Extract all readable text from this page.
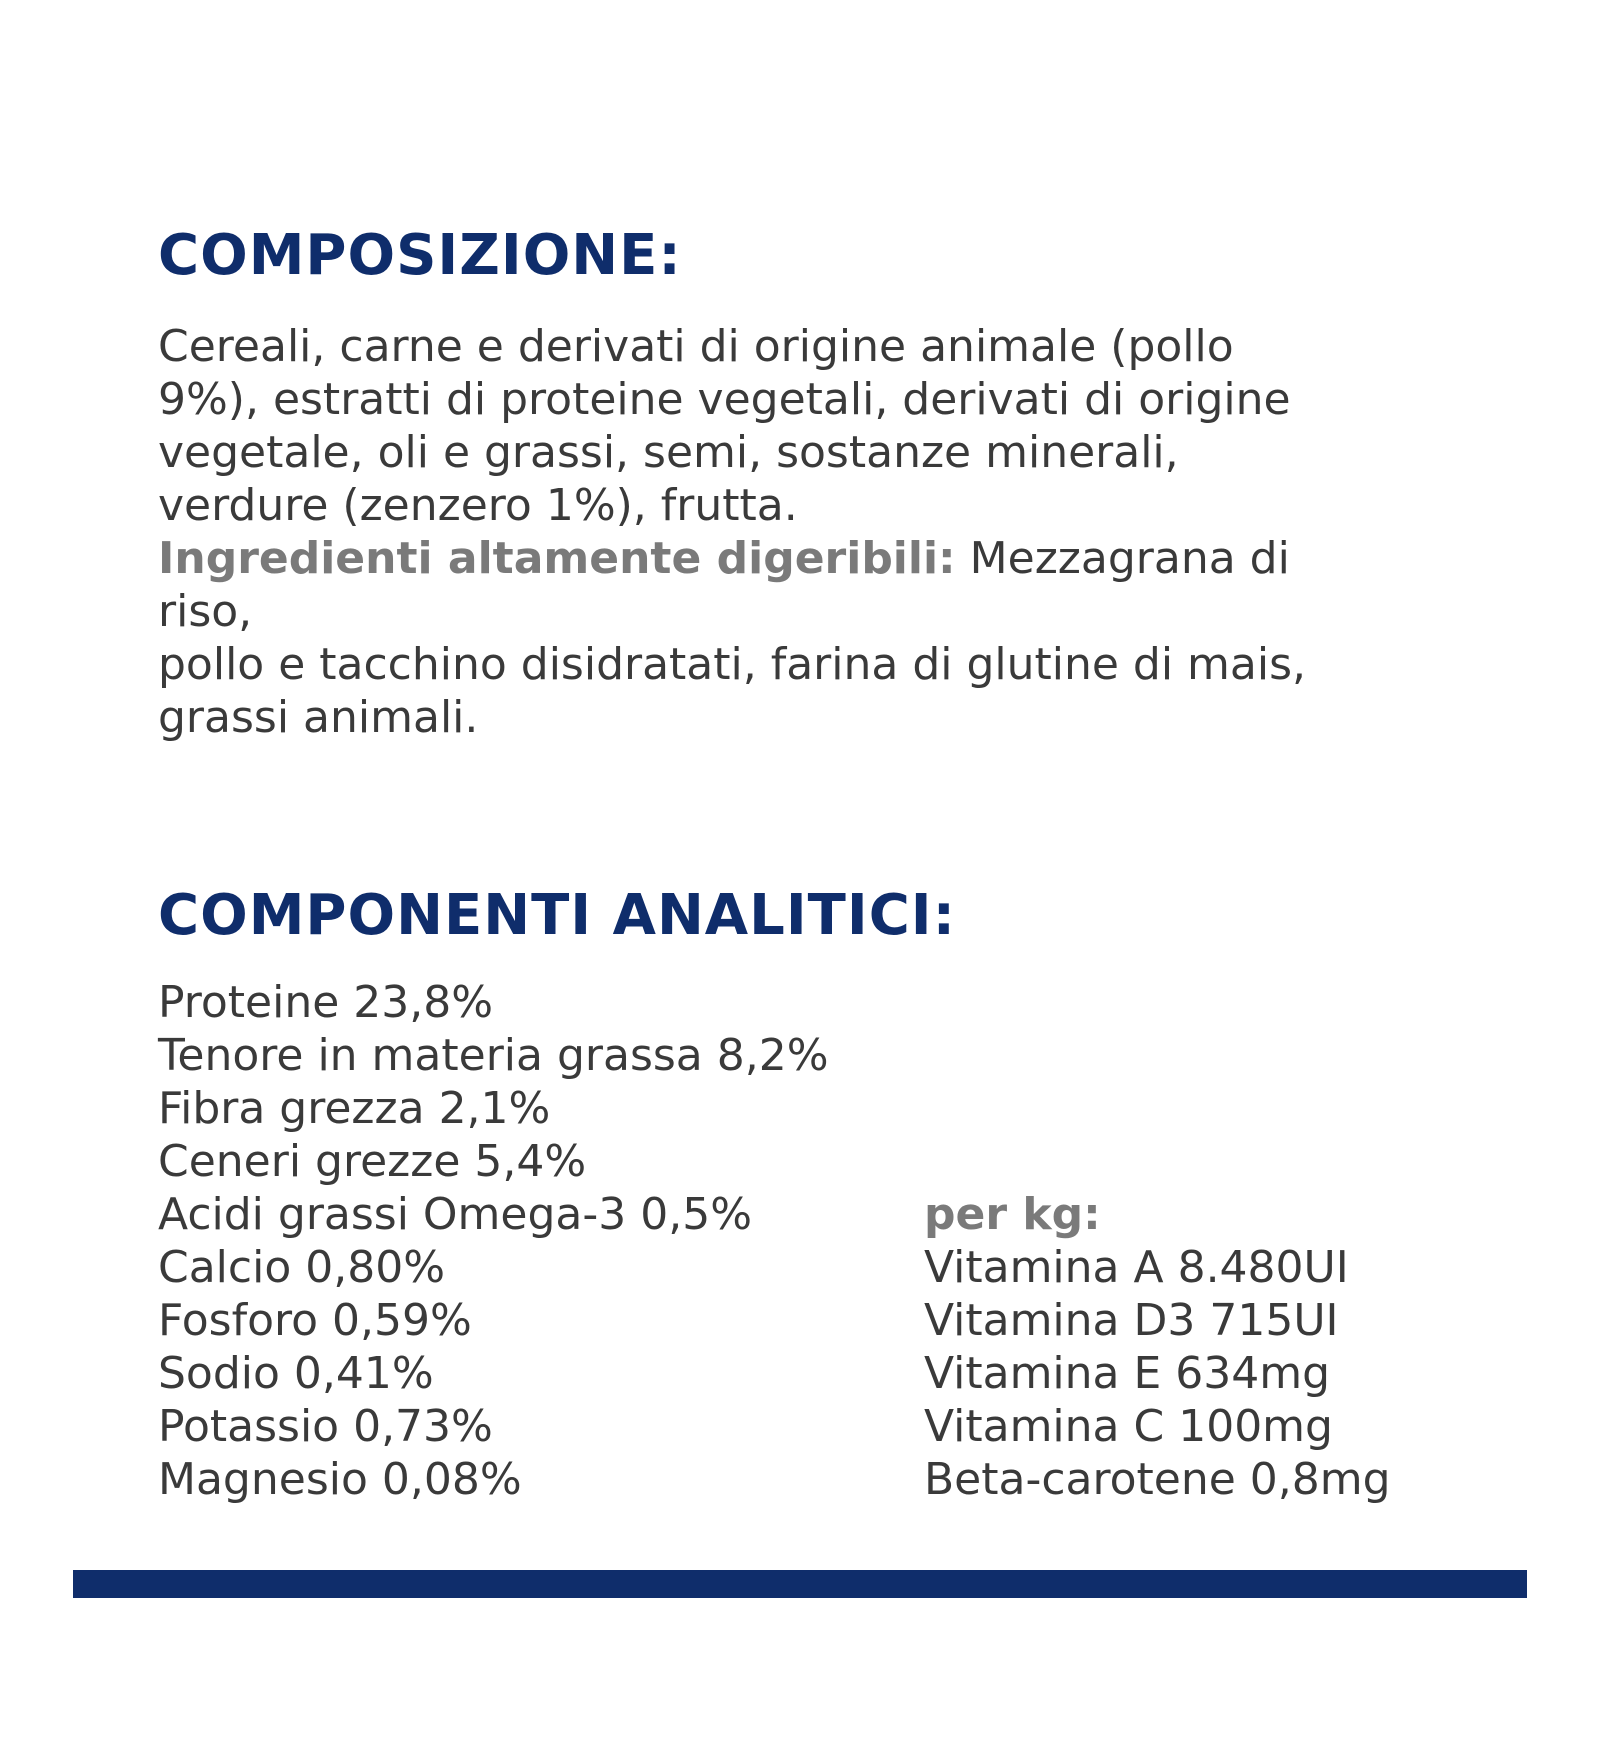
COMPOSIZIONE:
Cereali, carne e derivati di origine animale (pollo
9%), estratti di proteine vegetali, derivati di origine
vegetale, oli e grassi, semi, sostanze minerali,
verdure (zenzero 1%), frutta.
Ingredienti altamente digeribili: Mezzagrana di
riso,
pollo e tacchino disidratati, farina di glutine di mais,
grassi animali.
COMPONENTI ANALITICI:
Proteine 23,8%
Tenore in materia grassa 8,2%
Fibra grezza 2,1%
Ceneri grezze 5,4%
Acidi grassi Omega-3 0,5%
Calcio 0,80%
Fosforo 0,59%
Sodio 0,41%
Potassio 0,73%
Magnesio 0,08%
per kg:
Vitamina A 8.480UI
Vitamina D3 715UI
Vitamina E 634mg
Vitamina C 100mg
Beta-carotene 0,8mg
